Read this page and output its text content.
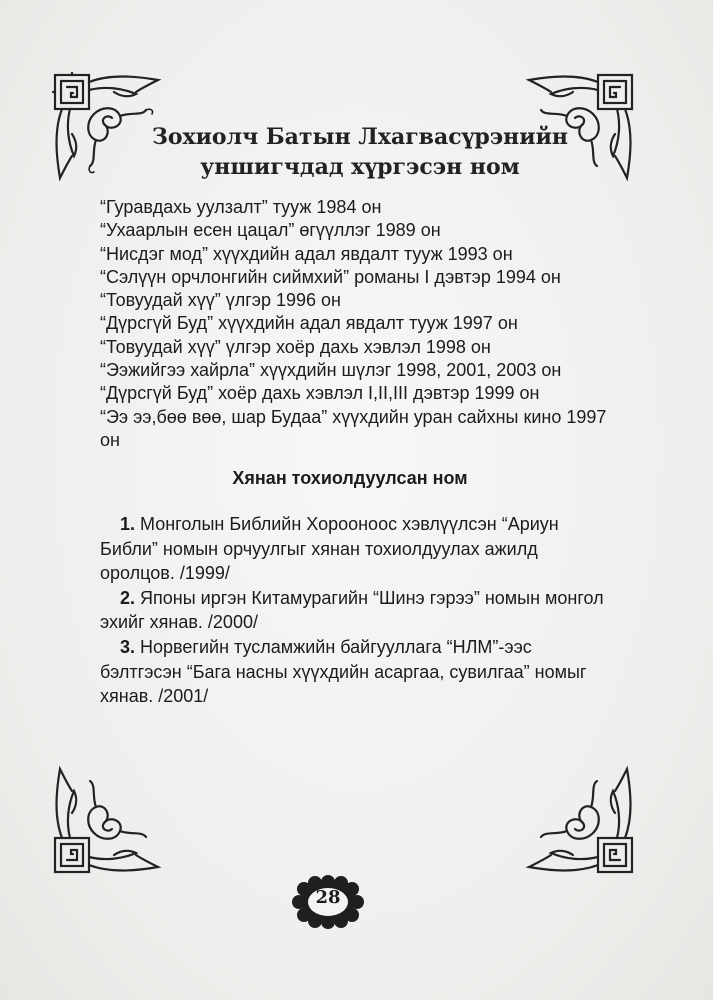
Зохиолч Батын Лхагвасүрэнийн уншигчдад хүргэсэн ном
“Гуравдахь уулзалт” тууж 1984 он
“Ухаарлын есен цацал” өгүүллэг 1989 он
“Нисдэг мод” хүүхдийн адал явдалт тууж 1993 он
“Сэлүүн орчлонгийн сиймхий” романы I дэвтэр 1994 он
“Товуудай хүү” үлгэр 1996 он
“Дүрсгүй Буд” хүүхдийн адал явдалт тууж 1997 он
“Товуудай хүү” үлгэр хоёр дахь хэвлэл 1998 он
“Ээжийгээ хайрла” хүүхдийн шүлэг 1998, 2001, 2003 он
“Дүрсгүй Буд” хоёр дахь хэвлэл I,II,III дэвтэр 1999 он
“Ээ ээ,бөө вөө, шар Будаа” хүүхдийн уран сайхны кино 1997 он
Хянан тохиолдуулсан ном
1. Монголын Библийн Хорооноос хэвлүүлсэн “Ариун Библи” номын орчуулгыг хянан тохиолдуулах ажилд оролцов. /1999/
2. Японы иргэн Китамурагийн “Шинэ гэрээ” номын монгол эхийг хянав. /2000/
3. Норвегийн тусламжийн байгууллага “НЛМ”-ээс бэлтгэсэн “Бага насны хүүхдийн асаргаа, сувилгаа” номыг хянав. /2001/
28
